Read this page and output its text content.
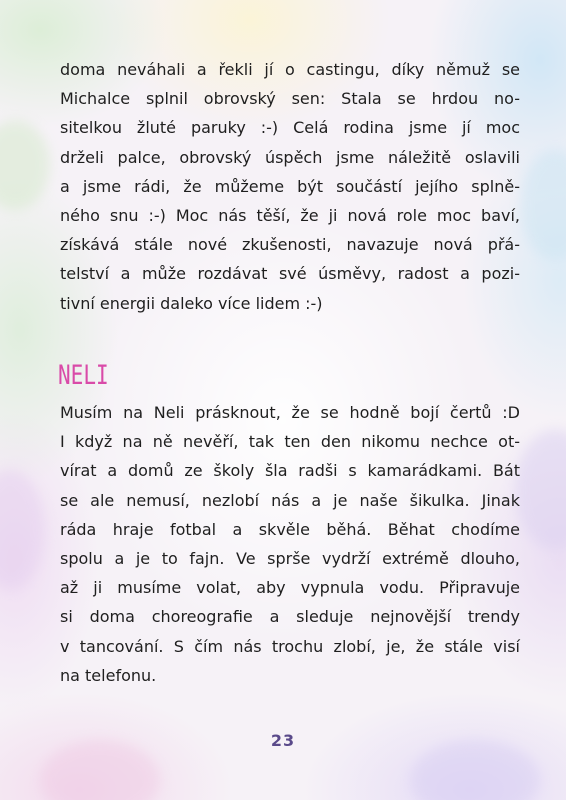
doma neváhali a řekli jí o castingu, díky němuž se
Michalce splnil obrovský sen: Stala se hrdou no-
sitelkou žluté paruky :-) Celá rodina jsme jí moc
drželi palce, obrovský úspěch jsme náležitě oslavili
a jsme rádi, že můžeme být součástí jejího splně-
ného snu :-) Moc nás těší, že ji nová role moc baví,
získává stále nové zkušenosti, navazuje nová přá-
telství a může rozdávat své úsměvy, radost a pozi-
tivní energii daleko více lidem :-)
NELI
Musím na Neli prásknout, že se hodně bojí čertů :D
I když na ně nevěří, tak ten den nikomu nechce ot-
vírat a domů ze školy šla radši s kamarádkami. Bát
se ale nemusí, nezlobí nás a je naše šikulka. Jinak
ráda hraje fotbal a skvěle běhá. Běhat chodíme
spolu a je to fajn. Ve sprše vydrží extrémě dlouho,
až ji musíme volat, aby vypnula vodu. Připravuje
si doma choreografie a sleduje nejnovější trendy
v tancování. S čím nás trochu zlobí, je, že stále visí
na telefonu.
23
